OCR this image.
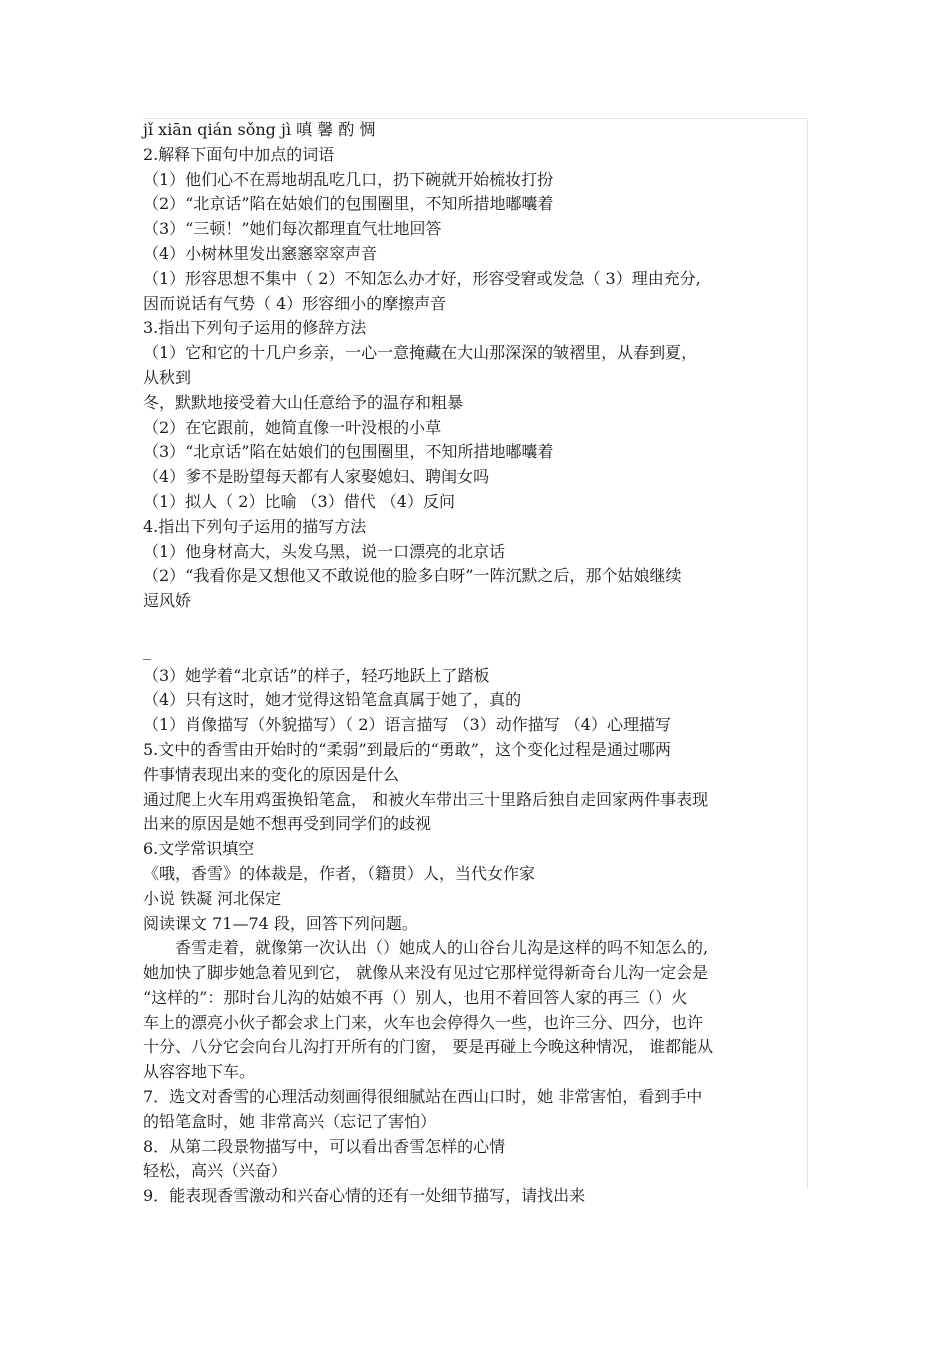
jǐ xiān qián sǒng jì 嗔 馨 酌 惆
2.解释下面句中加点的词语
（1）他们心不在焉地胡乱吃几口，扔下碗就开始梳妆打扮
（2）“北京话”陷在姑娘们的包围圈里，不知所措地嘟囔着
（3）“三顿！”她们每次都理直气壮地回答
（4）小树林里发出窸窸窣窣声音
（1）形容思想不集中（ 2）不知怎么办才好，形容受窘或发急（ 3）理由充分,
因而说话有气势（ 4）形容细小的摩擦声音
3.指出下列句子运用的修辞方法
（1）它和它的十几户乡亲，一心一意掩藏在大山那深深的皱褶里，从春到夏，
从秋到
冬，默默地接受着大山任意给予的温存和粗暴
（2）在它跟前，她简直像一叶没根的小草
（3）“北京话”陷在姑娘们的包围圈里，不知所措地嘟囔着
（4）爹不是盼望每天都有人家娶媳妇、聘闺女吗
（1）拟人（ 2）比喻 （3）借代 （4）反问
4.指出下列句子运用的描写方法
（1）他身材高大，头发乌黑，说一口漂亮的北京话
（2）“我看你是又想他又不敢说他的脸多白呀”一阵沉默之后，那个姑娘继续
逗风娇
_
（3）她学着“北京话”的样子，轻巧地跃上了踏板
（4）只有这时，她才觉得这铅笔盒真属于她了，真的
（1）肖像描写（外貌描写）（ 2）语言描写 （3）动作描写 （4）心理描写
5.文中的香雪由开始时的“柔弱”到最后的“勇敢”，这个变化过程是通过哪两
件事情表现出来的变化的原因是什么
通过爬上火车用鸡蛋换铅笔盒， 和被火车带出三十里路后独自走回家两件事表现
出来的原因是她不想再受到同学们的歧视
6.文学常识填空
《哦，香雪》的体裁是，作者，（籍贯）人，当代女作家
小说 铁凝 河北保定
阅读课文 71—74 段，回答下列问题。
香雪走着，就像第一次认出（）她成人的山谷台儿沟是这样的吗不知怎么的,
她加快了脚步她急着见到它， 就像从来没有见过它那样觉得新奇台儿沟一定会是
“这样的”：那时台儿沟的姑娘不再（）别人，也用不着回答人家的再三（）火
车上的漂亮小伙子都会求上门来，火车也会停得久一些，也许三分、四分，也许
十分、八分它会向台儿沟打开所有的门窗， 要是再碰上今晚这种情况， 谁都能从
从容容地下车。
7．选文对香雪的心理活动刻画得很细腻站在西山口时，她 非常害怕，看到手中
的铅笔盒时，她 非常高兴（忘记了害怕）
8．从第二段景物描写中，可以看出香雪怎样的心情
轻松，高兴（兴奋）
9．能表现香雪激动和兴奋心情的还有一处细节描写，请找出来
